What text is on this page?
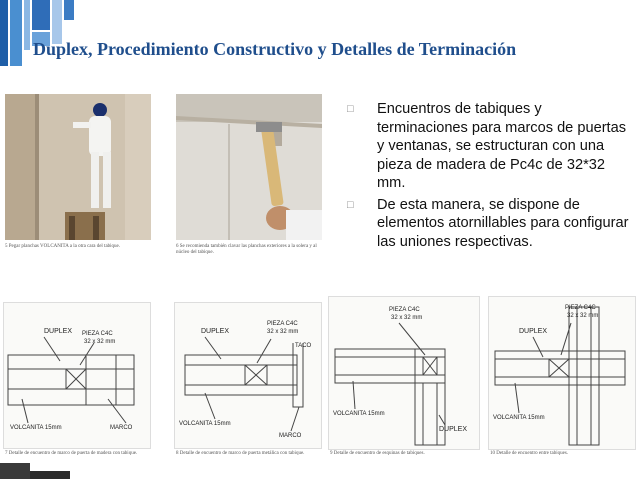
Duplex, Procedimiento Constructivo y Detalles de Terminación
5 Pegar planchas VOLCANITA a la otra cara del tabique.	6 Se recomienda también clavar las planchas exteriores a la solera y al núcleo del tabique.
□	Encuentros de tabiques y terminaciones para marcos de puertas y ventanas, se estructuran con una pieza de madera de Pc4c de 32*32 mm.
□	De esta manera, se dispone de elementos atornillables para configurar las uniones respectivas.
DUPLEX PIEZA C4C
32 x 32 mm
VOLCANITA 15mm	MARCO
7 Detalle de encuentro de marco de puerta de madera con tabique.
DUPLEX
PIEZA C4C
32 x 32 mm
TACO
VOLCANITA 15mm
MARCO
8 Detalle de encuentro de marco de puerta metálica con tabique.
PIEZA C4C
32 x 32 mm
VOLCANITA 15mm
DUPLEX
9 Detalle de encuentro de esquinas de tabiques.
PIEZA C4C
32 x 32 mm
DUPLEX
VOLCANITA 15mm
10 Detalle de encuentro entre tabiques.
